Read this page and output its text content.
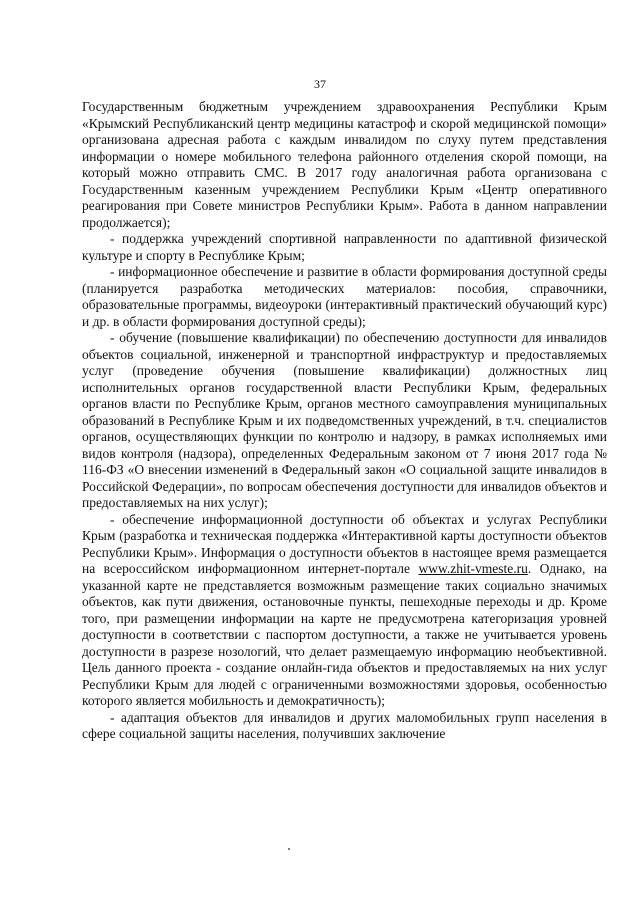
37

Государственным бюджетным учреждением здравоохранения Республики Крым «Крымский Республиканский центр медицины катастроф и скорой медицинской помощи» организована адресная работа с каждым инвалидом по слуху путем представления информации о номере мобильного телефона районного отделения скорой помощи, на который можно отправить СМС. В 2017 году аналогичная работа организована с Государственным казенным учреждением Республики Крым «Центр оперативного реагирования при Совете министров Республики Крым». Работа в данном направлении продолжается);

- поддержка учреждений спортивной направленности по адаптивной физической культуре и спорту в Республике Крым;

- информационное обеспечение и развитие в области формирования доступной среды (планируется разработка методических материалов: пособия, справочники, образовательные программы, видеоуроки (интерактивный практический обучающий курс) и др. в области формирования доступной среды);

- обучение (повышение квалификации) по обеспечению доступности для инвалидов объектов социальной, инженерной и транспортной инфраструктур и предоставляемых услуг (проведение обучения (повышение квалификации) должностных лиц исполнительных органов государственной власти Республики Крым, федеральных органов власти по Республике Крым, органов местного самоуправления муниципальных образований в Республике Крым и их подведомственных учреждений, в т.ч. специалистов органов, осуществляющих функции по контролю и надзору, в рамках исполняемых ими видов контроля (надзора), определенных Федеральным законом от 7 июня 2017 года № 116-ФЗ «О внесении изменений в Федеральный закон «О социальной защите инвалидов в Российской Федерации», по вопросам обеспечения доступности для инвалидов объектов и предоставляемых на них услуг);

- обеспечение информационной доступности об объектах и услугах Республики Крым (разработка и техническая поддержка «Интерактивной карты доступности объектов Республики Крым». Информация о доступности объектов в настоящее время размещается на всероссийском информационном интернет-портале www.zhit-vmeste.ru. Однако, на указанной карте не представляется возможным размещение таких социально значимых объектов, как пути движения, остановочные пункты, пешеходные переходы и др. Кроме того, при размещении информации на карте не предусмотрена категоризация уровней доступности в соответствии с паспортом доступности, а также не учитывается уровень доступности в разрезе нозологий, что делает размещаемую информацию необъективной. Цель данного проекта - создание онлайн-гида объектов и предоставляемых на них услуг Республики Крым для людей с ограниченными возможностями здоровья, особенностью которого является мобильность и демократичность);

- адаптация объектов для инвалидов и других маломобильных групп населения в сфере социальной защиты населения, получивших заключение
